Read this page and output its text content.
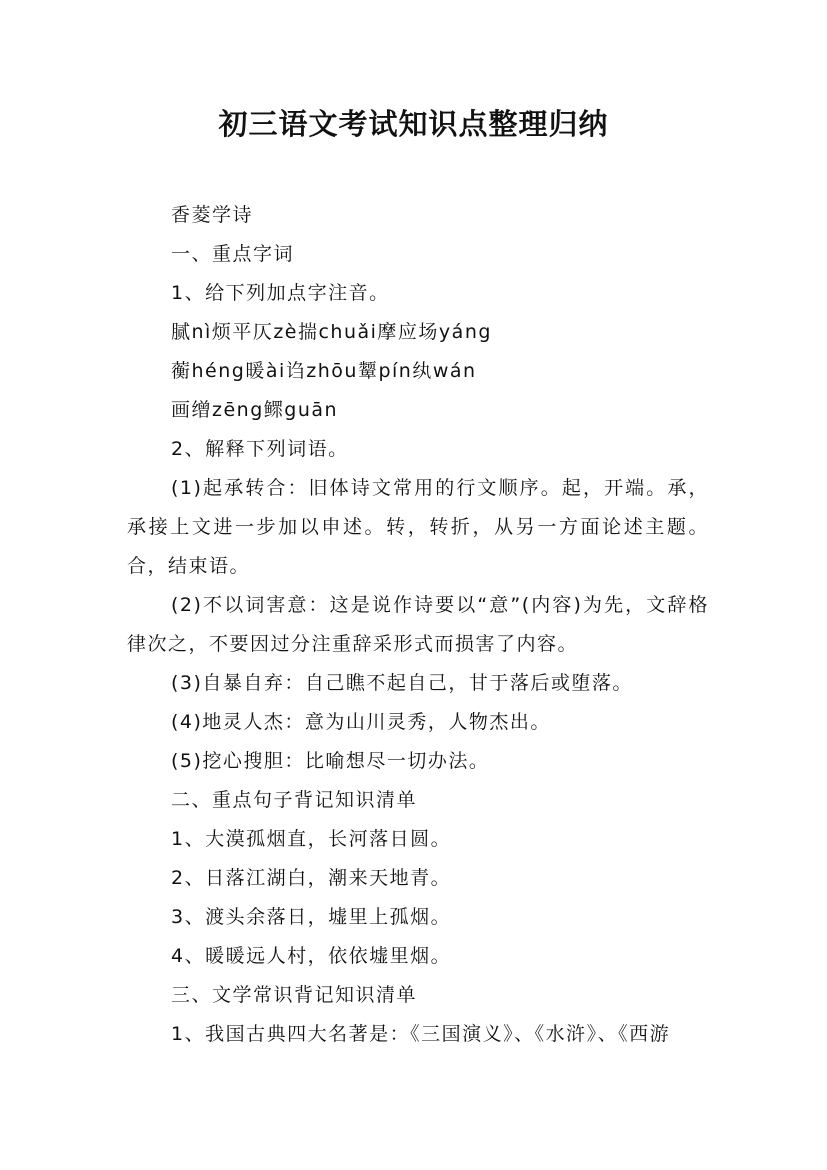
初三语文考试知识点整理归纳

香菱学诗

一、重点字词

1、给下列加点字注音。

腻nì烦平仄zè揣chuǎi摩应场yáng

蘅héng暖ài诌zhōu颦pín纨wán

画缯zēng鳏guān

2、解释下列词语。

(1)起承转合：旧体诗文常用的行文顺序。起，开端。承，承接上文进一步加以申述。转，转折，从另一方面论述主题。合，结束语。

(2)不以词害意：这是说作诗要以“意”(内容)为先，文辞格律次之，不要因过分注重辞采形式而损害了内容。

(3)自暴自弃：自己瞧不起自己，甘于落后或堕落。

(4)地灵人杰：意为山川灵秀，人物杰出。

(5)挖心搜胆：比喻想尽一切办法。

二、重点句子背记知识清单

1、大漠孤烟直，长河落日圆。

2、日落江湖白，潮来天地青。

3、渡头余落日，墟里上孤烟。

4、暖暖远人村，依依墟里烟。

三、文学常识背记知识清单

1、我国古典四大名著是：《三国演义》、《水浒》、《西游
